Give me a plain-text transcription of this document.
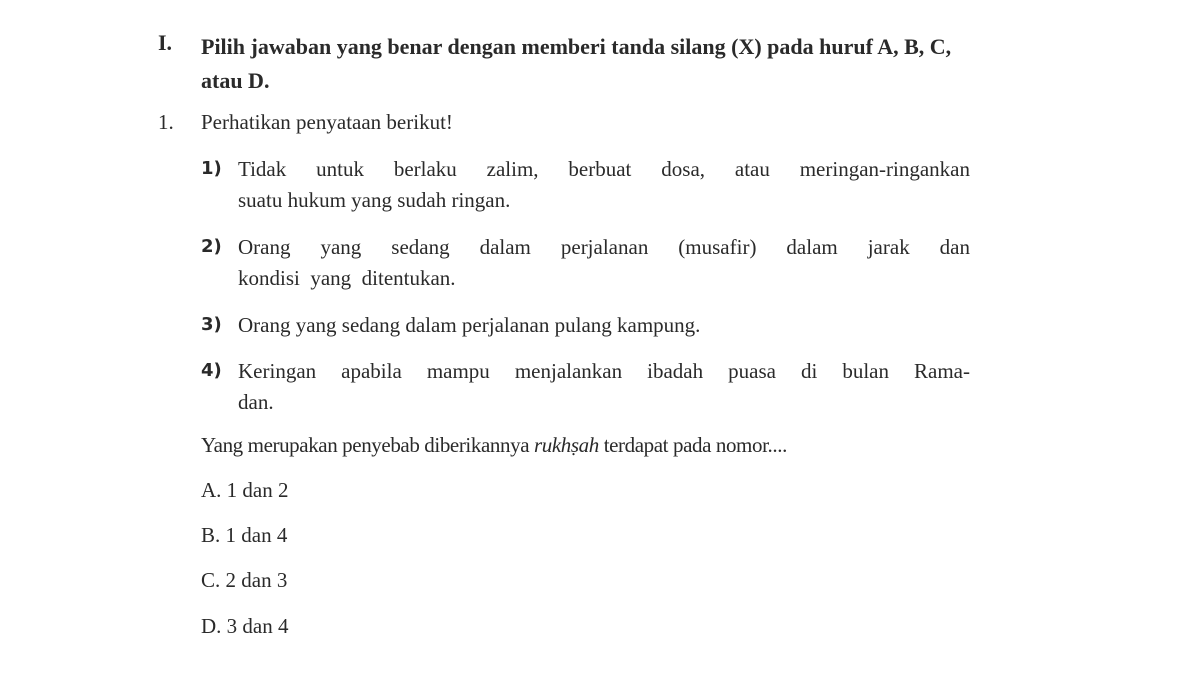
I. Pilih jawaban yang benar dengan memberi tanda silang (X) pada huruf A, B, C, atau D.
1. Perhatikan penyataan berikut!
1) Tidak untuk berlaku zalim, berbuat dosa, atau meringan-ringankan
suatu hukum yang sudah ringan.
2) Orang yang sedang dalam perjalanan (musafir) dalam jarak dan
kondisi  yang  ditentukan.
3) Orang yang sedang dalam perjalanan pulang kampung.
4) Keringan apabila mampu menjalankan ibadah puasa di bulan Rama-
dan.
Yang merupakan penyebab diberikannya rukhṣah terdapat pada nomor....
A. 1 dan 2
B. 1 dan 4
C. 2 dan 3
D. 3 dan 4
